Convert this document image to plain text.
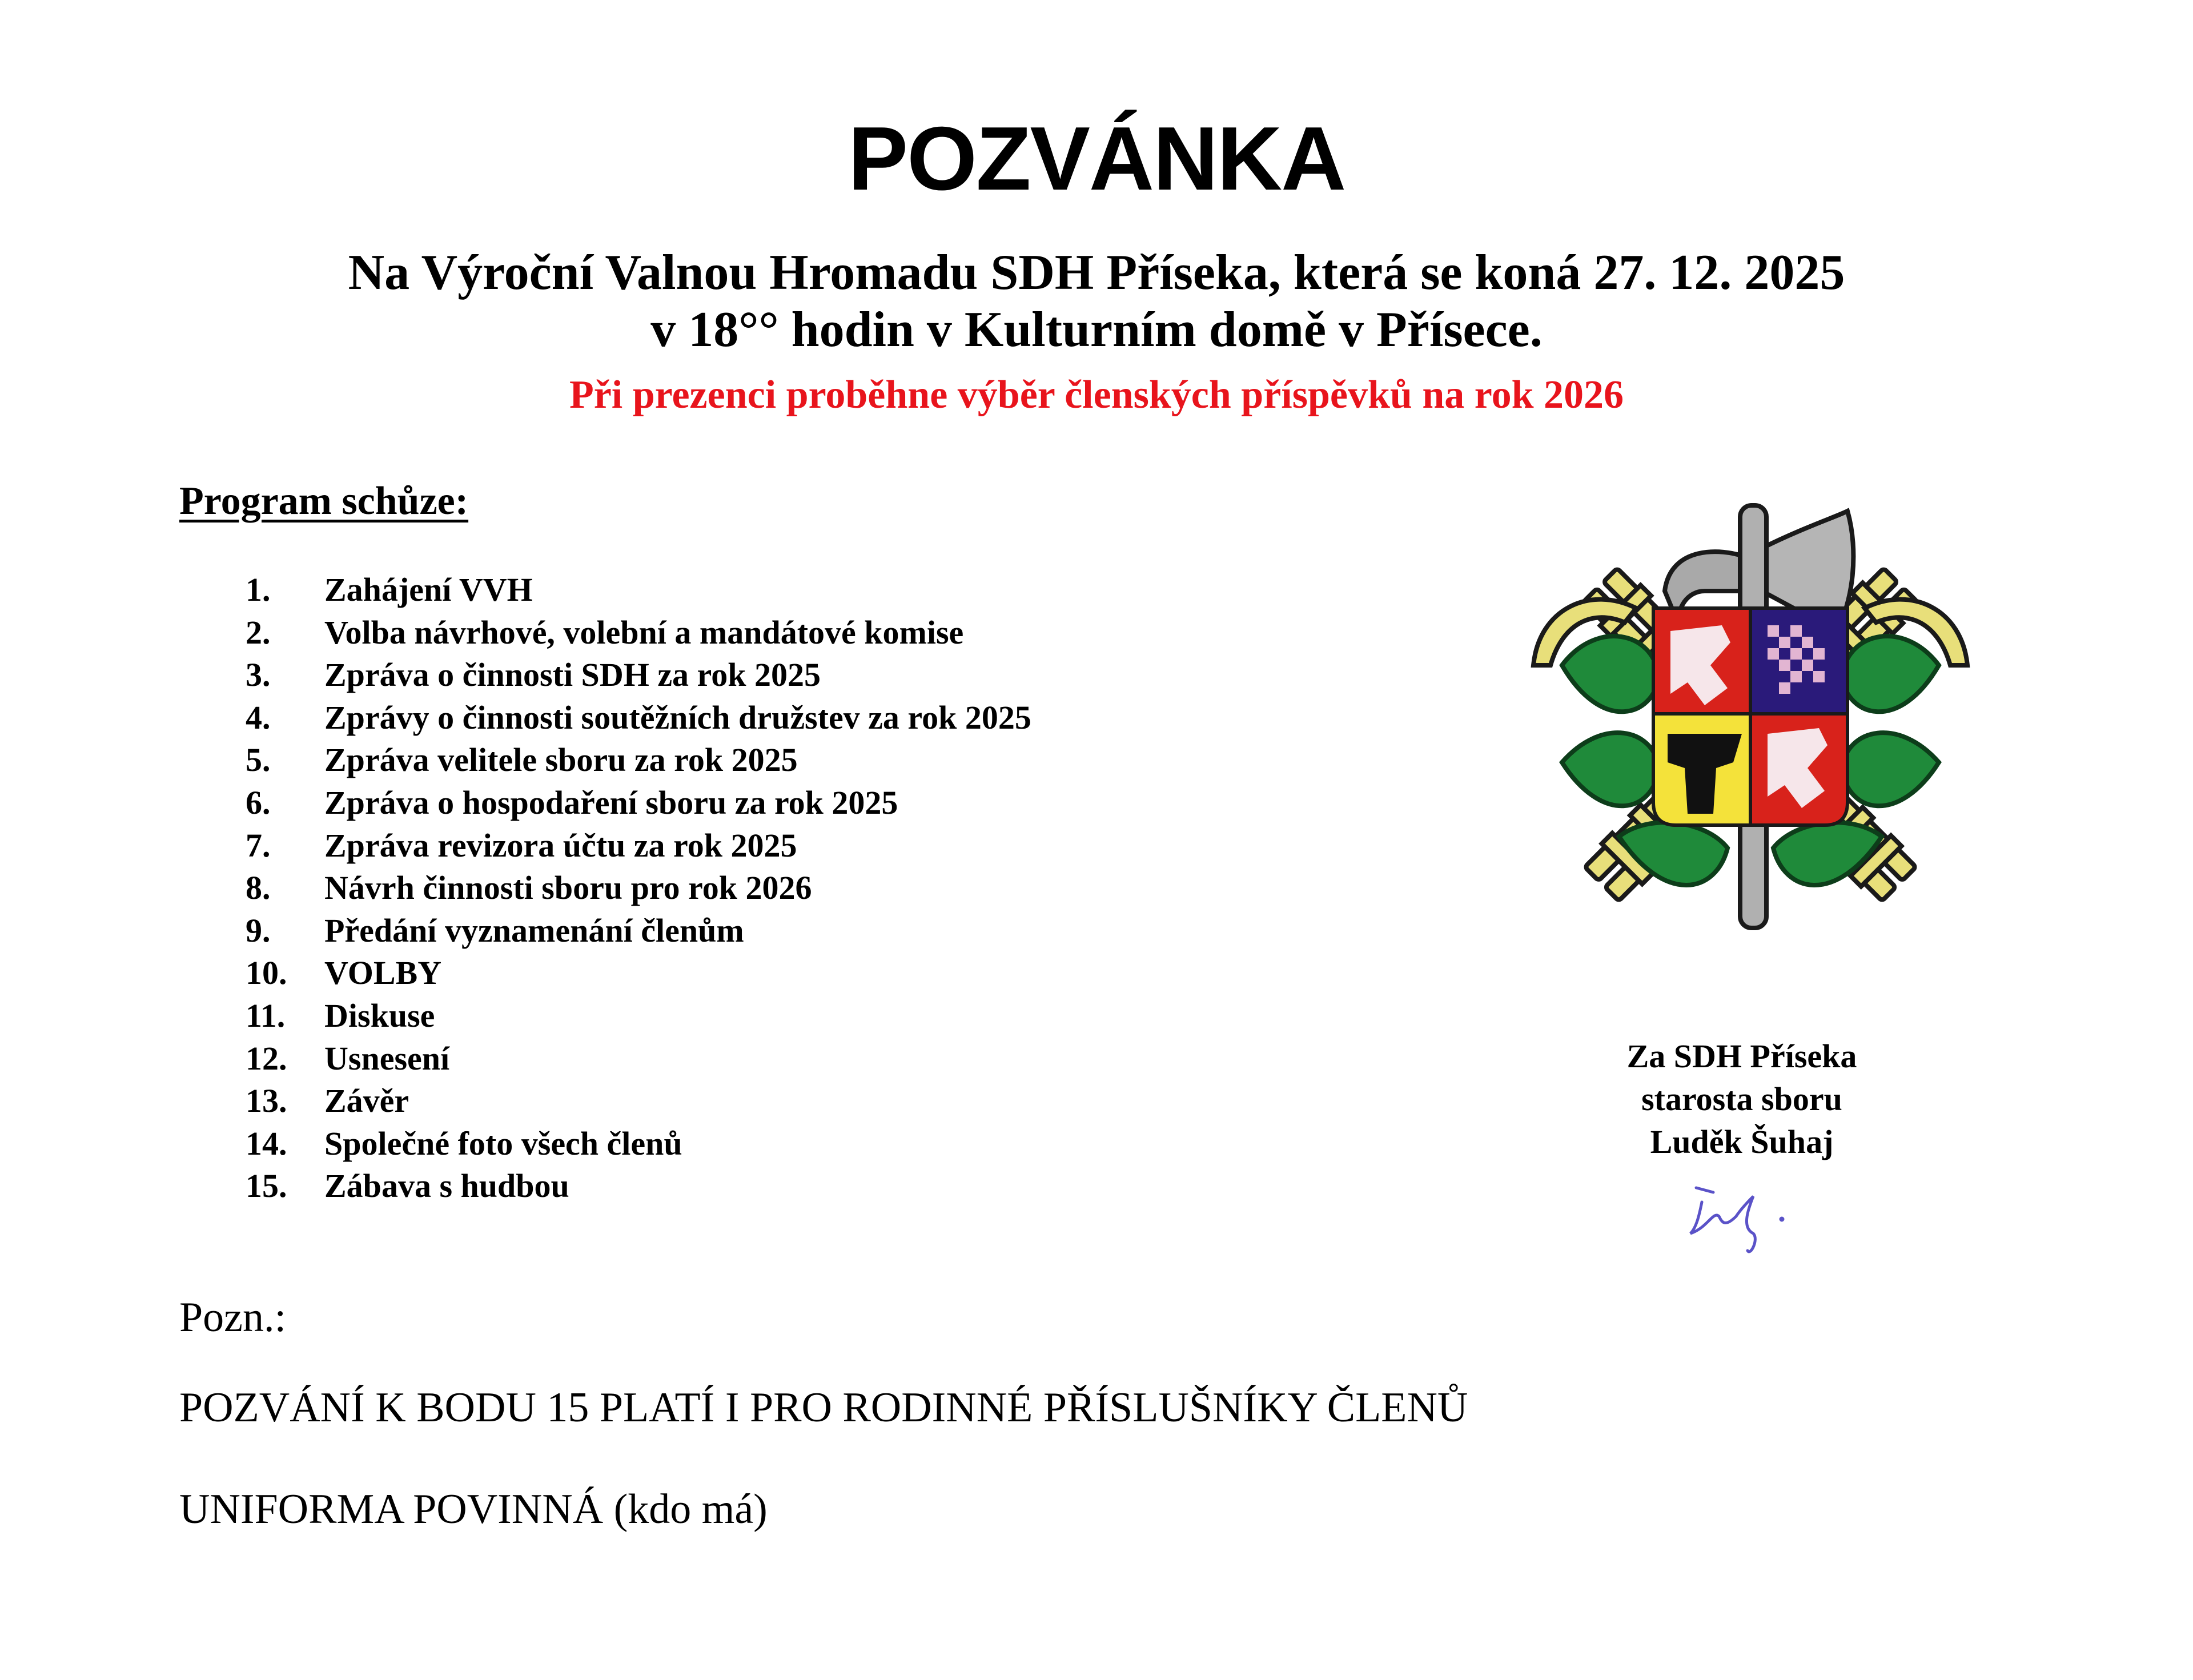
POZVÁNKA
Na Výroční Valnou Hromadu SDH Příseka, která se koná 27. 12. 2025
v 18°° hodin v Kulturním domě v Přísece.
Při prezenci proběhne výběr členských příspěvků na rok 2026
Program schůze:
1.	Zahájení VVH
2.	Volba návrhové, volební a mandátové komise
3.	Zpráva o činnosti SDH za rok 2025
4.	Zprávy o činnosti soutěžních družstev za rok 2025
5.	Zpráva velitele sboru za rok 2025
6.	Zpráva o hospodaření sboru za rok 2025
7.	Zpráva revizora účtu za rok 2025
8.	Návrh činnosti sboru pro rok 2026
9.	Předání vyznamenání členům
10.	VOLBY
11.	Diskuse
12.	Usnesení
13.	Závěr
14.	Společné foto všech členů
15.	Zábava s hudbou
Za SDH Příseka
starosta sboru
Luděk Šuhaj
Pozn.:
POZVÁNÍ K BODU 15 PLATÍ I PRO RODINNÉ PŘÍSLUŠNÍKY ČLENŮ
UNIFORMA POVINNÁ (kdo má)
